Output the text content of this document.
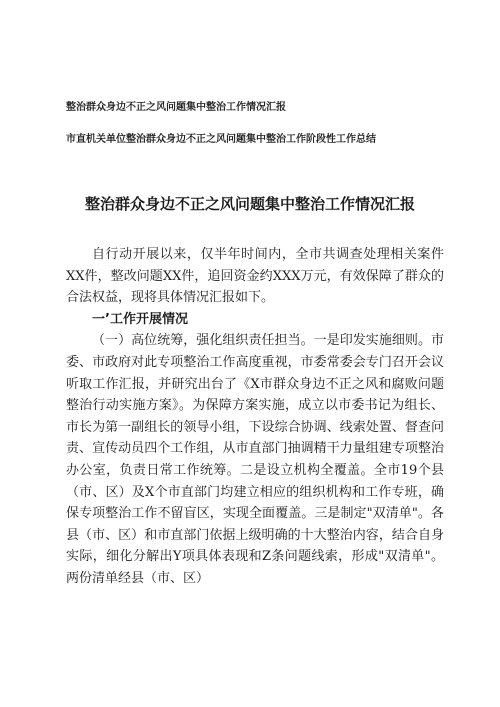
整治群众身边不正之风问题集中整治工作情况汇报
市直机关单位整治群众身边不正之风问题集中整治工作阶段性工作总结
整治群众身边不正之风问题集中整治工作情况汇报

自行动开展以来，仅半年时间内，全市共调查处理相关案件XX件，整改问题XX件，追回资金约XXX万元，有效保障了群众的合法权益，现将具体情况汇报如下。

一’工作开展情况

（一）高位统筹，强化组织责任担当。一是印发实施细则。市委、市政府对此专项整治工作高度重视，市委常委会专门召开会议听取工作汇报，并研究出台了《X市群众身边不正之风和腐败问题整治行动实施方案》。为保障方案实施，成立以市委书记为组长、市长为第一副组长的领导小组，下设综合协调、线索处置、督查问责、宣传动员四个工作组，从市直部门抽调精干力量组建专项整治办公室，负责日常工作统筹。二是设立机构全覆盖。全市19个县（市、区）及X个市直部门均建立相应的组织机构和工作专班，确保专项整治工作不留盲区，实现全面覆盖。三是制定"双清单"。各县（市、区）和市直部门依据上级明确的十大整治内容，结合自身实际，细化分解出Y项具体表现和Z条问题线索，形成"双清单"。两份清单经县（市、区）
